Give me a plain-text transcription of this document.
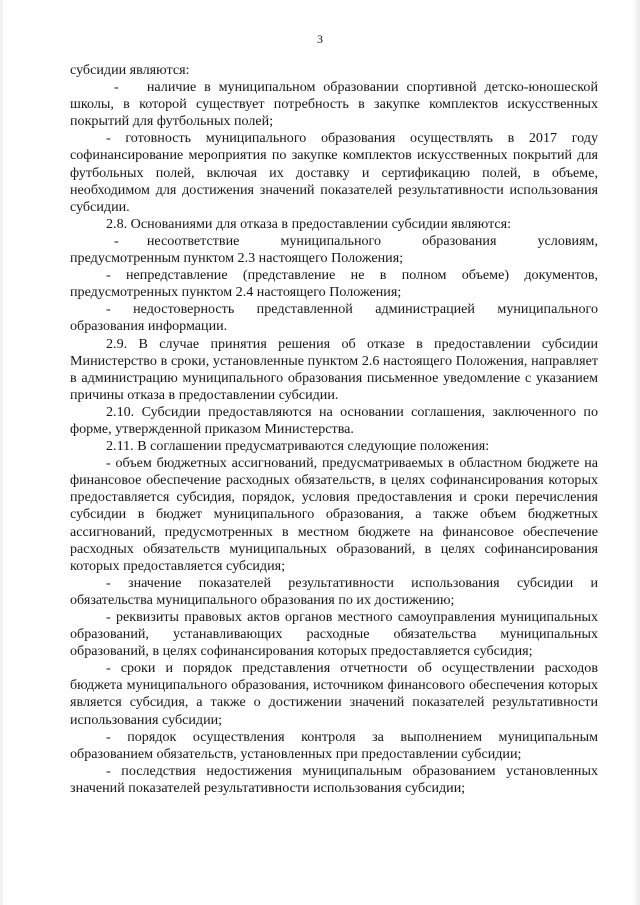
3

субсидии являются:

-  наличие в муниципальном образовании спортивной детско-юношеской школы, в которой существует потребность в закупке комплектов искусственных покрытий для футбольных полей;

- готовность муниципального образования осуществлять в 2017 году софинансирование мероприятия по закупке комплектов искусственных покрытий для футбольных полей, включая их доставку и сертификацию полей, в объеме, необходимом для достижения значений показателей результативности использования субсидии.

2.8. Основаниями для отказа в предоставлении субсидии являются:

-  несоответствие муниципального образования условиям, предусмотренным пунктом 2.3 настоящего Положения;

- непредставление (представление не в полном объеме) документов, предусмотренных пунктом 2.4 настоящего Положения;

- недостоверность представленной администрацией муниципального образования информации.

2.9. В случае принятия решения об отказе в предоставлении субсидии Министерство в сроки, установленные пунктом 2.6 настоящего Положения, направляет в администрацию муниципального образования письменное уведомление с указанием причины отказа в предоставлении субсидии.

2.10. Субсидии предоставляются на основании соглашения, заключенного по форме, утвержденной приказом Министерства.

2.11. В соглашении предусматриваются следующие положения:

- объем бюджетных ассигнований, предусматриваемых в областном бюджете на финансовое обеспечение расходных обязательств, в целях софинансирования которых предоставляется субсидия, порядок, условия предоставления и сроки перечисления субсидии в бюджет муниципального образования, а также объем бюджетных ассигнований, предусмотренных в местном бюджете на финансовое обеспечение расходных обязательств муниципальных образований, в целях софинансирования которых предоставляется субсидия;

- значение показателей результативности использования субсидии и обязательства муниципального образования по их достижению;

- реквизиты правовых актов органов местного самоуправления муниципальных образований, устанавливающих расходные обязательства муниципальных образований, в целях софинансирования которых предоставляется субсидия;

- сроки и порядок представления отчетности об осуществлении расходов бюджета муниципального образования, источником финансового обеспечения которых является субсидия, а также о достижении значений показателей результативности использования субсидии;

- порядок осуществления контроля за выполнением муниципальным образованием обязательств, установленных при предоставлении субсидии;

- последствия недостижения муниципальным образованием установленных значений показателей результативности использования субсидии;
